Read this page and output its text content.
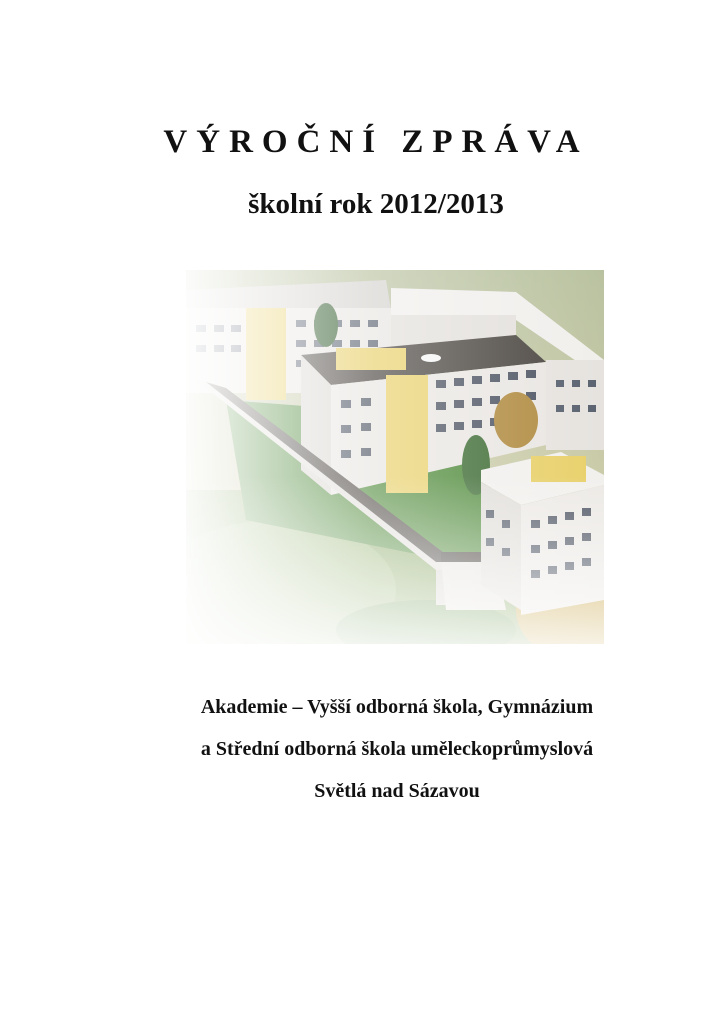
VÝROČNÍ ZPRÁVA
školní rok 2012/2013
Akademie – Vyšší odborná škola, Gymnázium
a Střední odborná škola uměleckoprůmyslová
Světlá nad Sázavou
